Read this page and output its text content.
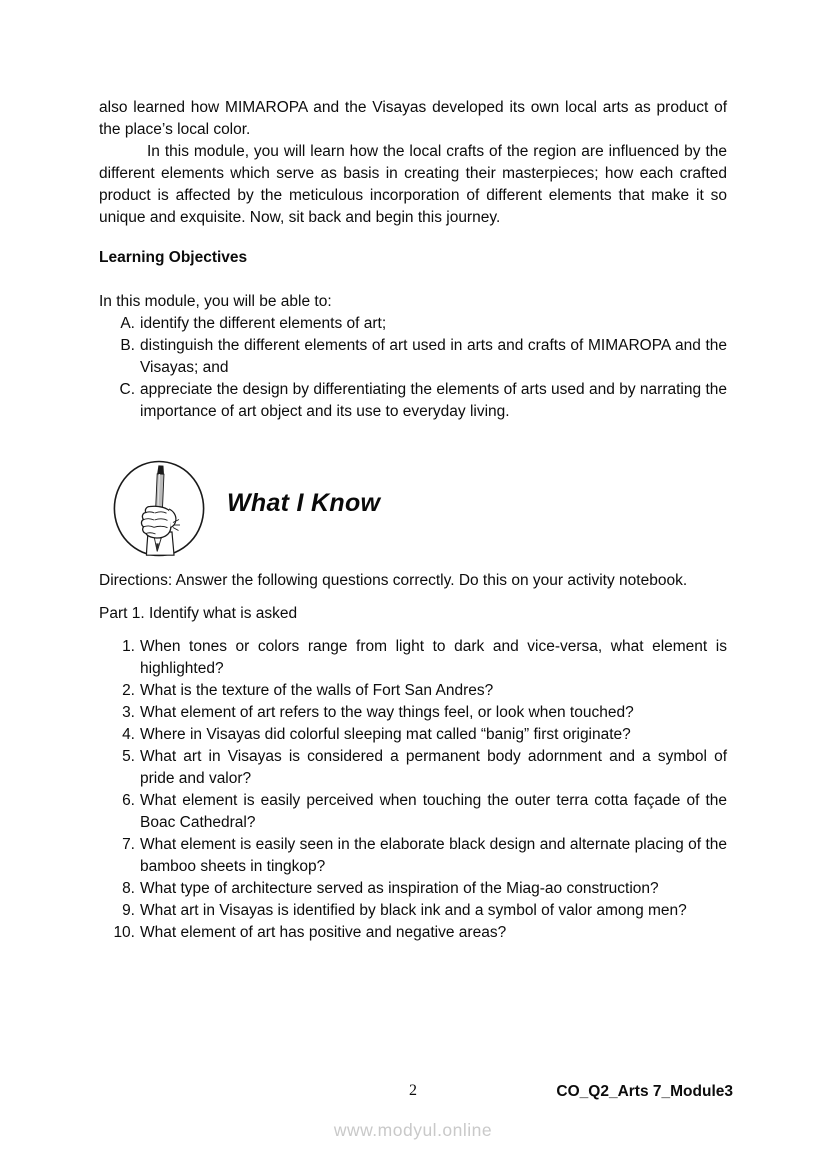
also learned how MIMAROPA and the Visayas developed its own local arts as product of the place’s local color.

In this module, you will learn how the local crafts of the region are influenced by the different elements which serve as basis in creating their masterpieces; how each crafted product is affected by the meticulous incorporation of different elements that make it so unique and exquisite. Now, sit back and begin this journey.

Learning Objectives

In this module, you will be able to:

A. identify the different elements of art;
B. distinguish the different elements of art used in arts and crafts of MIMAROPA and the Visayas; and
C. appreciate the design by differentiating the elements of arts used and by narrating the importance of art object and its use to everyday living.
What I Know

Directions: Answer the following questions correctly. Do this on your activity notebook.

Part 1. Identify what is asked

1. When tones or colors range from light to dark and vice-versa, what element is highlighted?
2. What is the texture of the walls of Fort San Andres?
3. What element of art refers to the way things feel, or look when touched?
4. Where in Visayas did colorful sleeping mat called “banig” first originate?
5. What art in Visayas is considered a permanent body adornment and a symbol of pride and valor?
6. What element is easily perceived when touching the outer terra cotta façade of the Boac Cathedral?
7. What element is easily seen in the elaborate black design and alternate placing of the bamboo sheets in tingkop?
8. What type of architecture served as inspiration of the Miag-ao construction?
9. What art in Visayas is identified by black ink and a symbol of valor among men?
10. What element of art has positive and negative areas?
2	CO_Q2_Arts 7_Module3
www.modyul.online
